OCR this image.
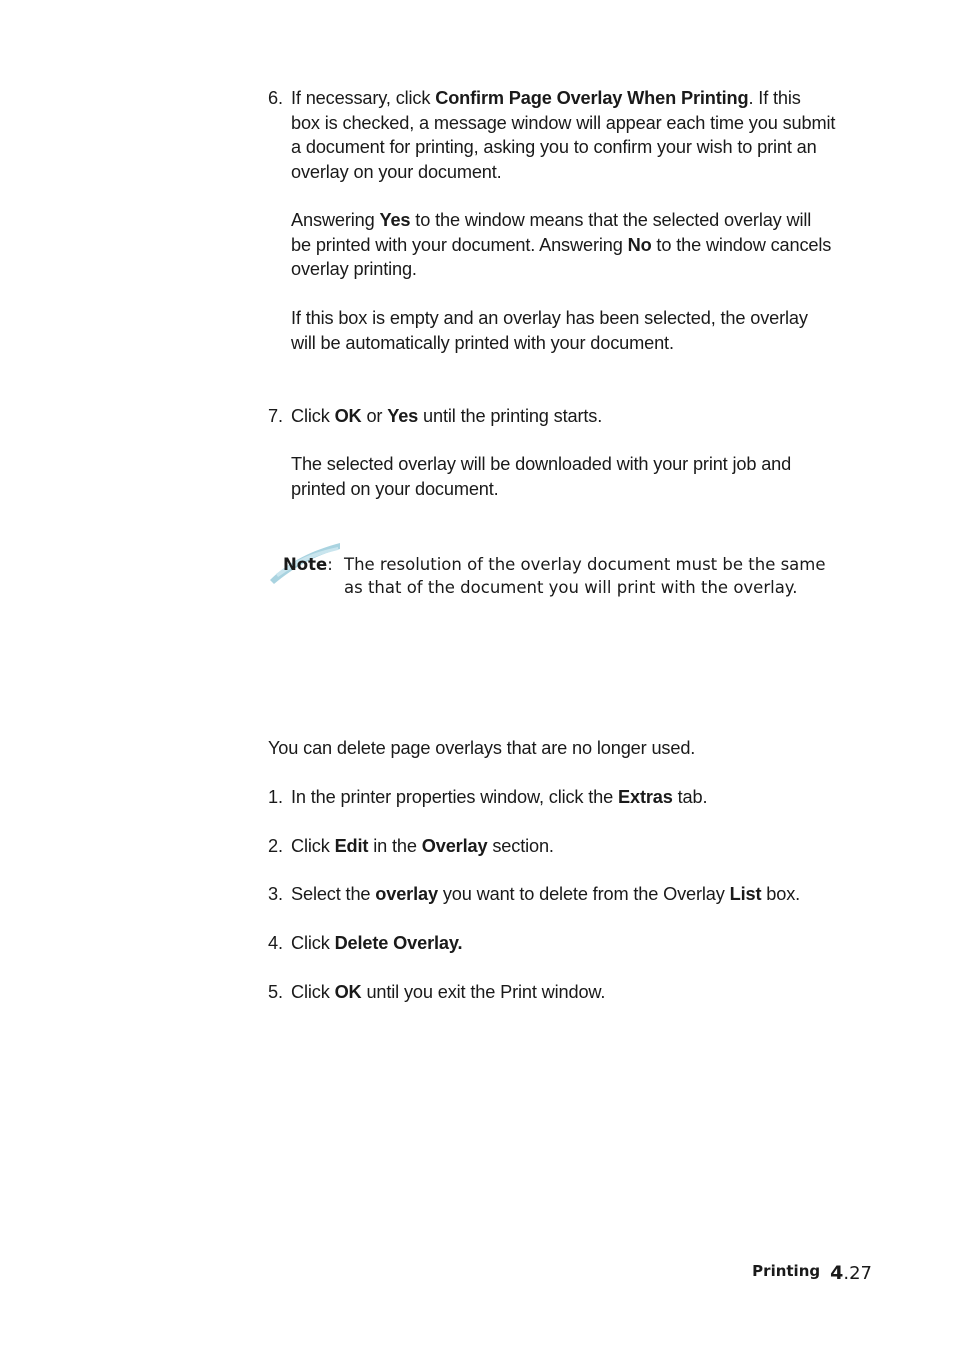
6. If necessary, click Confirm Page Overlay When Printing. If this
box is checked, a message window will appear each time you submit
a document for printing, asking you to confirm your wish to print an
overlay on your document.
Answering Yes to the window means that the selected overlay will
be printed with your document. Answering No to the window cancels
overlay printing.
If this box is empty and an overlay has been selected, the overlay
will be automatically printed with your document.
7. Click OK or Yes until the printing starts.
The selected overlay will be downloaded with your print job and
printed on your document.
Note: The resolution of the overlay document must be the same
as that of the document you will print with the overlay.
You can delete page overlays that are no longer used.
1. In the printer properties window, click the Extras tab.
2. Click Edit in the Overlay section.
3. Select the overlay you want to delete from the Overlay List box.
4. Click Delete Overlay.
5. Click OK until you exit the Print window.
Printing 4.27
